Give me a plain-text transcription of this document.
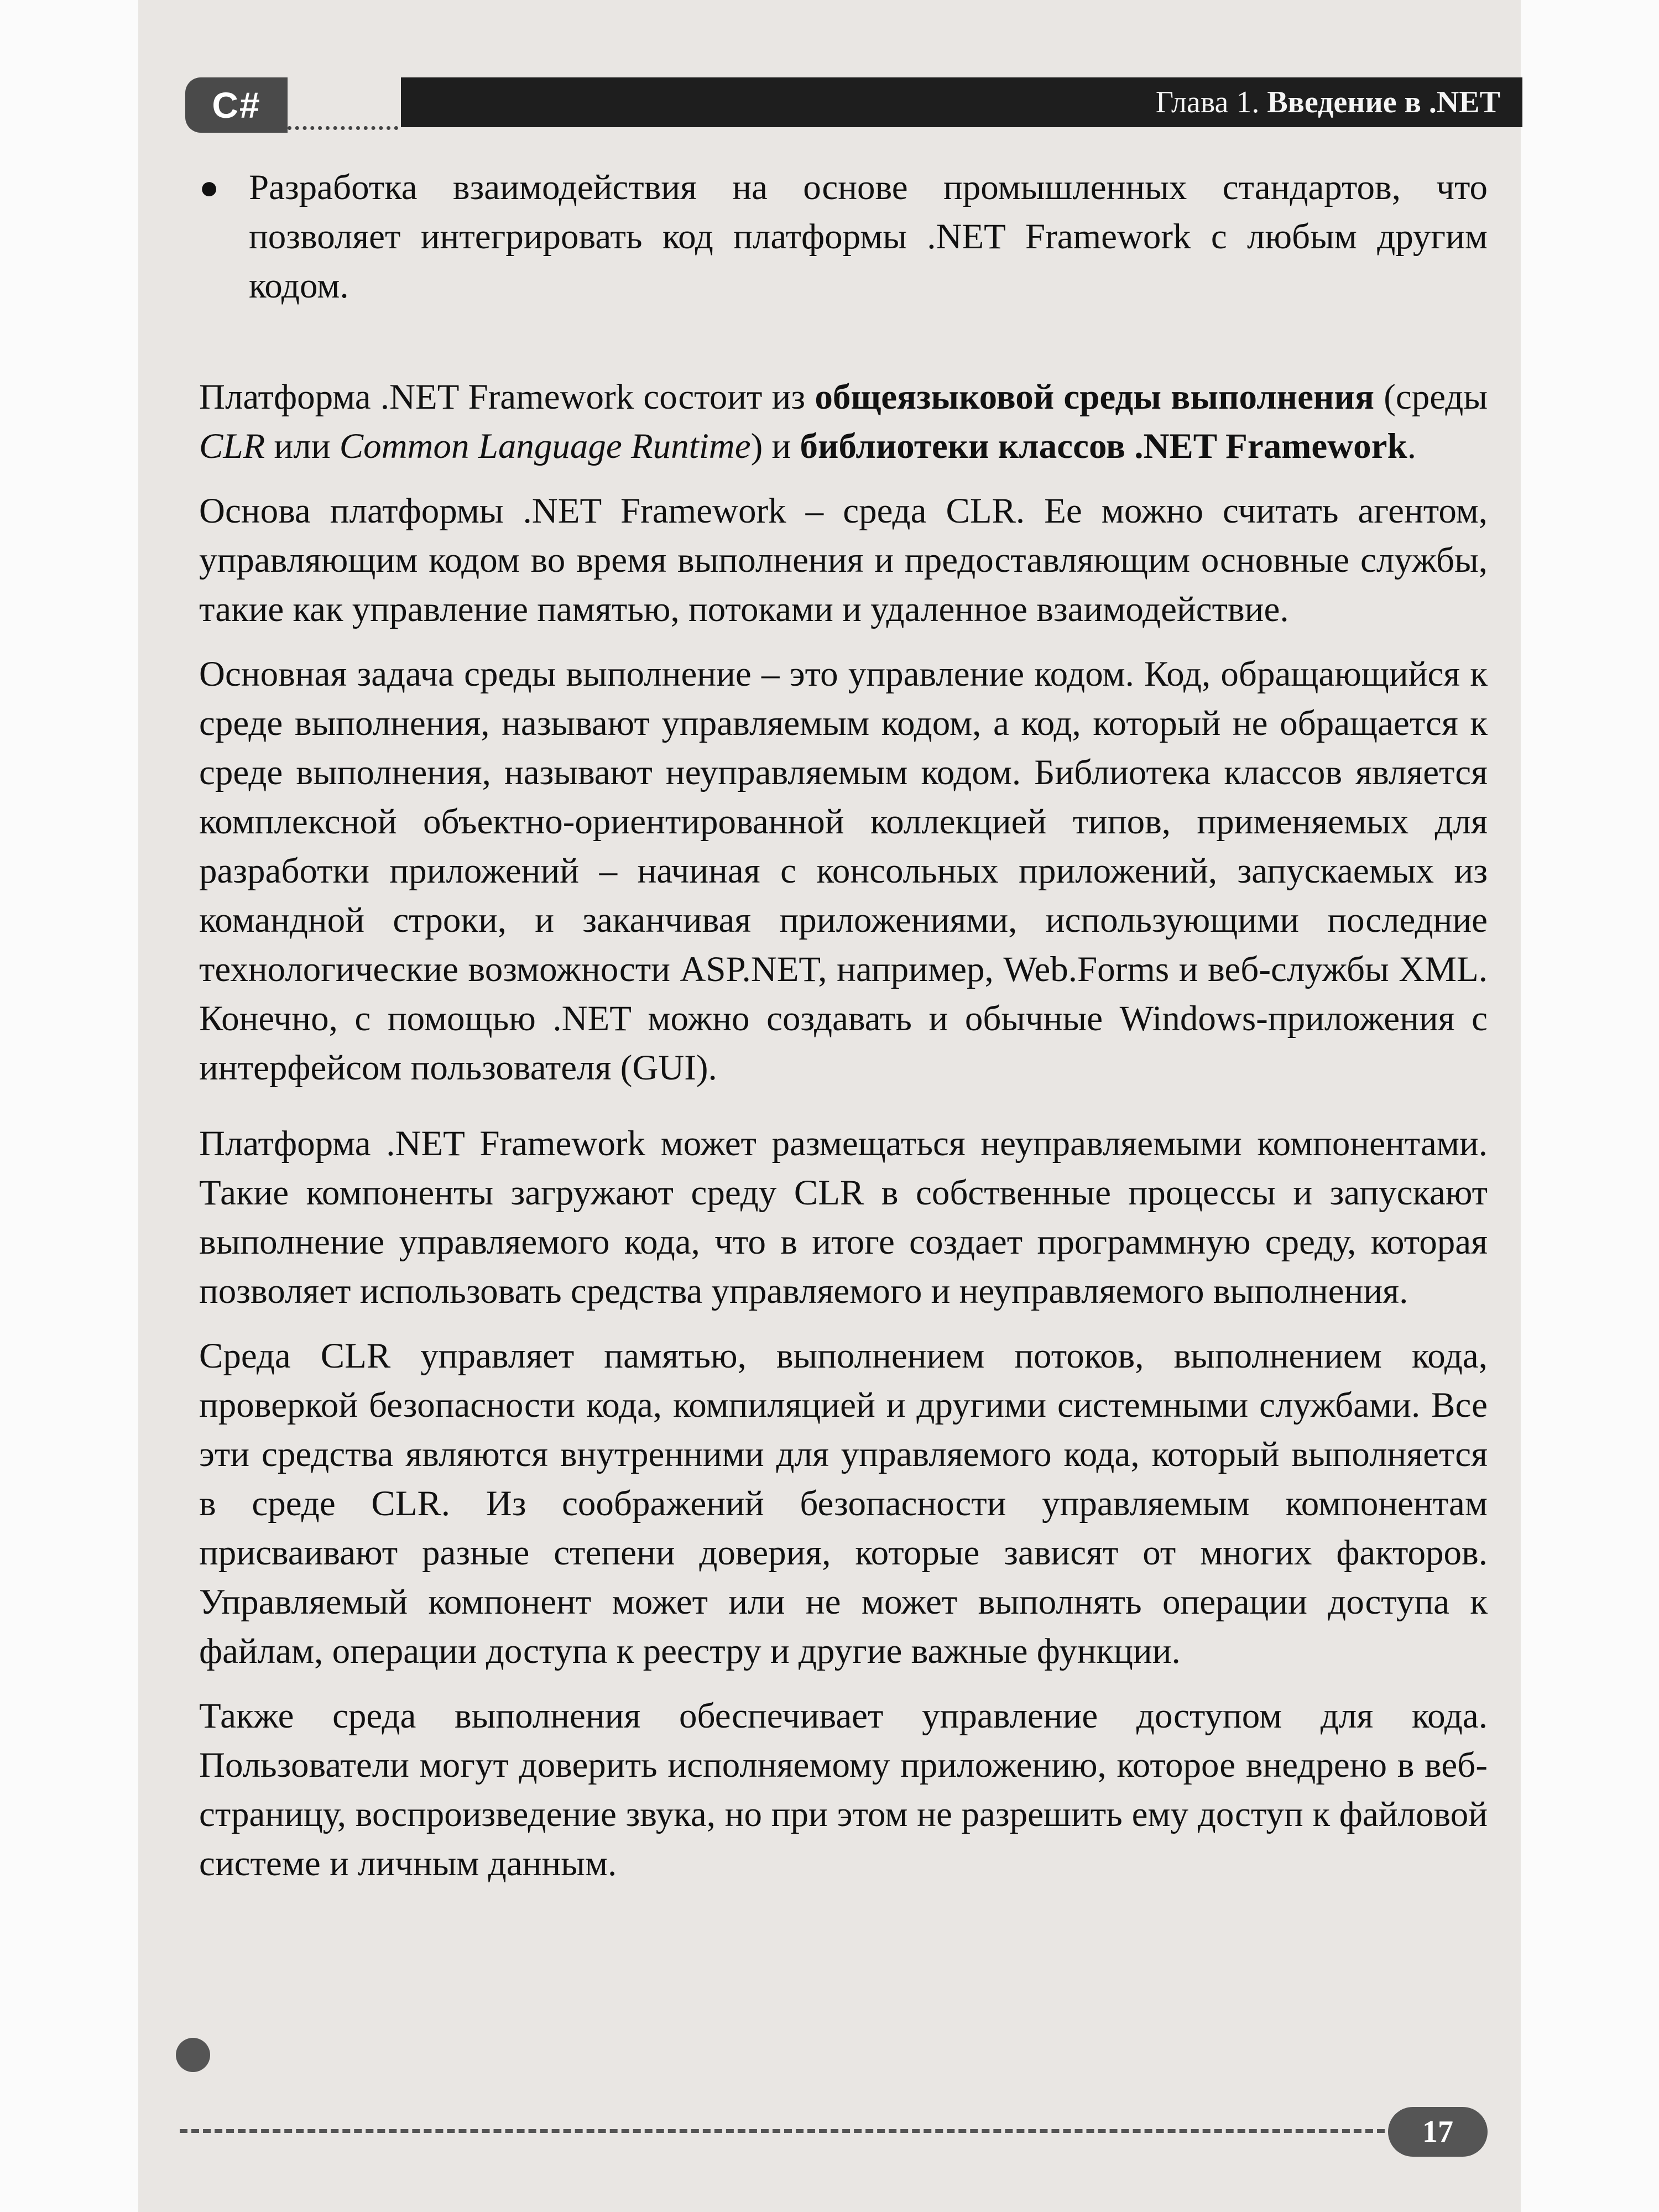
C#	Глава 1. Введение в .NET
● Разработка взаимодействия на основе промышленных стандартов, что позволяет интегрировать код платформы .NET Framework с любым другим кодом.

Платформа .NET Framework состоит из общеязыковой среды выполнения (среды CLR или Common Language Runtime) и библиотеки классов .NET Framework.

Основа платформы .NET Framework – среда CLR. Ее можно считать агентом, управляющим кодом во время выполнения и предоставляющим основные службы, такие как управление памятью, потоками и удаленное взаимодействие.

Основная задача среды выполнение – это управление кодом. Код, обращающийся к среде выполнения, называют управляемым кодом, а код, который не обращается к среде выполнения, называют неуправляемым кодом. Библиотека классов является комплексной объектно-ориентированной коллекцией типов, применяемых для разработки приложений – начиная с консольных приложений, запускаемых из командной строки, и заканчивая приложениями, использующими последние технологические возможности ASP.NET, например, Web.Forms и веб-службы XML. Конечно, с помощью .NET можно создавать и обычные Windows-приложения с интерфейсом пользователя (GUI).

Платформа .NET Framework может размещаться неуправляемыми компонентами. Такие компоненты загружают среду CLR в собственные процессы и запускают выполнение управляемого кода, что в итоге создает программную среду, которая позволяет использовать средства управляемого и неуправляемого выполнения.

Среда CLR управляет памятью, выполнением потоков, выполнением кода, проверкой безопасности кода, компиляцией и другими системными службами. Все эти средства являются внутренними для управляемого кода, который выполняется в среде CLR. Из соображений безопасности управляемым компонентам присваивают разные степени доверия, которые зависят от многих факторов. Управляемый компонент может или не может выполнять операции доступа к файлам, операции доступа к реестру и другие важные функции.

Также среда выполнения обеспечивает управление доступом для кода. Пользователи могут доверить исполняемому приложению, которое внедрено в веб-страницу, воспроизведение звука, но при этом не разрешить ему доступ к файловой системе и личным данным.

17
